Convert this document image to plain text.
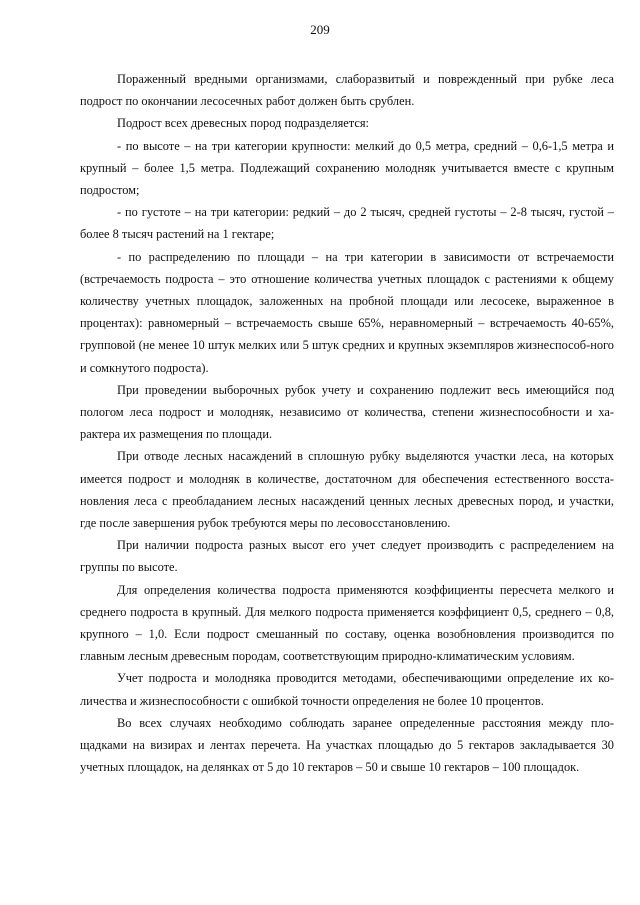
209

Пораженный вредными организмами, слаборазвитый и поврежденный при рубке леса подрост по окончании лесосечных работ должен быть срублен.

Подрост всех древесных пород подразделяется:

- по высоте – на три категории крупности: мелкий до 0,5 метра, средний – 0,6-1,5 метра и крупный – более 1,5 метра. Подлежащий сохранению молодняк учитывается вместе с крупным подростом;

- по густоте – на три категории: редкий – до 2 тысяч, средней густоты – 2-8 тысяч, густой – более 8 тысяч растений на 1 гектаре;

- по распределению по площади – на три категории в зависимости от встречаемости (встречаемость подроста – это отношение количества учетных площадок с растениями к общему количеству учетных площадок, заложенных на пробной площади или лесосеке, выраженное в процентах): равномерный – встречаемость свыше 65%, неравномерный – встречаемость 40-65%, групповой (не менее 10 штук мелких или 5 штук средних и крупных экземпляров жизнеспособ-ного и сомкнутого подроста).

При проведении выборочных рубок учету и сохранению подлежит весь имеющийся под пологом леса подрост и молодняк, независимо от количества, степени жизнеспособности и ха-рактера их размещения по площади.

При отводе лесных насаждений в сплошную рубку выделяются участки леса, на которых имеется подрост и молодняк в количестве, достаточном для обеспечения естественного восста-новления леса с преобладанием лесных насаждений ценных лесных древесных пород, и участки, где после завершения рубок требуются меры по лесовосстановлению.

При наличии подроста разных высот его учет следует производить с распределением на группы по высоте.

Для определения количества подроста применяются коэффициенты пересчета мелкого и среднего подроста в крупный. Для мелкого подроста применяется коэффициент 0,5, среднего – 0,8, крупного – 1,0. Если подрост смешанный по составу, оценка возобновления производится по главным лесным древесным породам, соответствующим природно-климатическим условиям.

Учет подроста и молодняка проводится методами, обеспечивающими определение их ко-личества и жизнеспособности с ошибкой точности определения не более 10 процентов.

Во всех случаях необходимо соблюдать заранее определенные расстояния между пло-щадками на визирах и лентах перечета. На участках площадью до 5 гектаров закладывается 30 учетных площадок, на делянках от 5 до 10 гектаров – 50 и свыше 10 гектаров – 100 площадок.
